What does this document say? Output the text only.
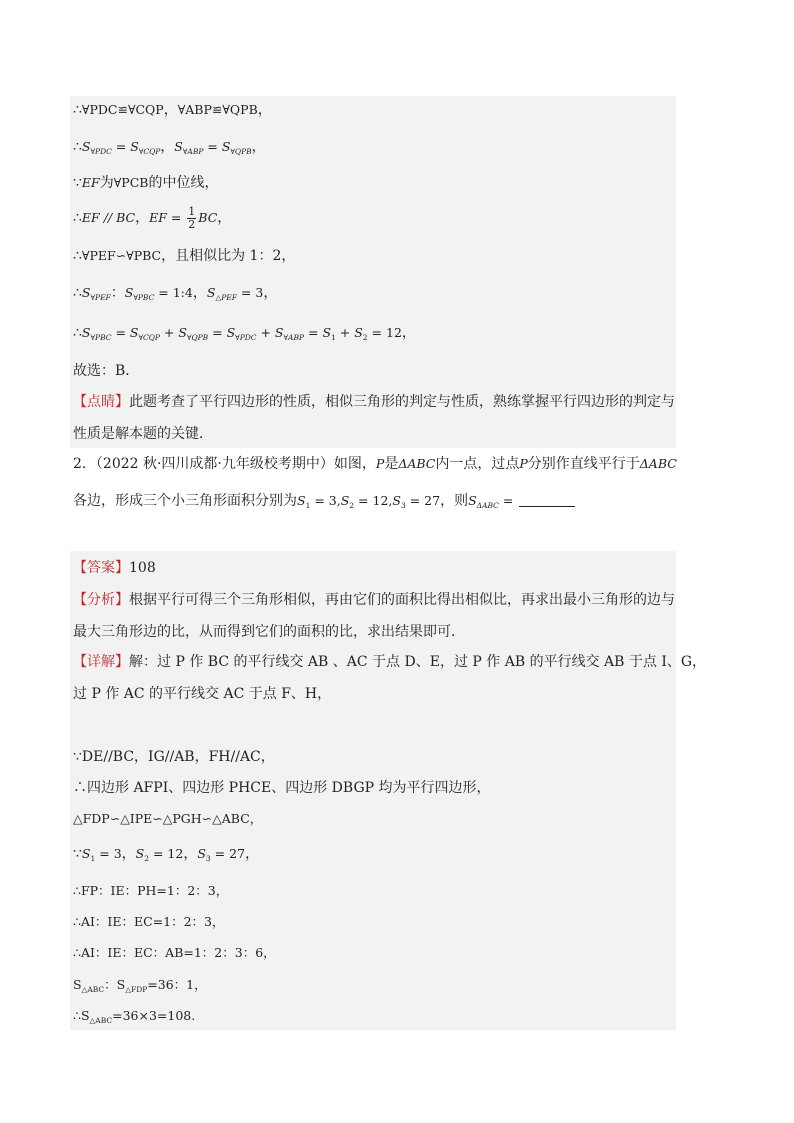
∴∀PDC≌∀CQP，∀ABP≌∀QPB，
$\therefore S_{\forall PDC} = S_{\forall CQP}$，$S_{\forall ABP} = S_{\forall QPB}$，
∵EF为∀PCB的中位线，
∴EF // BC，EF = $\frac{1}{2}$ BC，
∴∀PEF∽∀PBC，且相似比为 1：2，
$\therefore S_{\forall PEF}$：$S_{\forall PBC}$ = 1:4，$S_{\triangle PEF} = 3$，
$\therefore S_{\forall PBC} = S_{\forall CQP} + S_{\forall QPB} = S_{\forall PDC} + S_{\forall ABP} = S_1 + S_2 = 12$，
故选：B．
【点睛】此题考查了平行四边形的性质，相似三角形的判定与性质，熟练掌握平行四边形的判定与
性质是解本题的关键．
2．（2022 秋·四川成都·九年级校考期中）如图，P是ΔABC内一点，过点P分别作直线平行于ΔABC
各边，形成三个小三角形面积分别为$S_1 = 3,S_2 = 12,S_3 = 27$，则$S_{\Delta ABC}$ =
【答案】108
【分析】根据平行可得三个三角形相似，再由它们的面积比得出相似比，再求出最小三角形的边与
最大三角形边的比，从而得到它们的面积的比，求出结果即可．
【详解】解：过 P 作 BC 的平行线交 AB 、AC 于点 D、E，过 P 作 AB 的平行线交 AB 于点 I、G，
过 P 作 AC 的平行线交 AC 于点 F、H，
∵DE//BC，IG//AB，FH//AC，
∴四边形 AFPI、四边形 PHCE、四边形 DBGP 均为平行四边形，
△FDP∽△IPE∽△PGH∽△ABC，
$\because S_1 = 3$，$S_2 = 12$，$S_3 = 27$，
∴FP：IE：PH=1：2：3，
∴AI：IE：EC=1：2：3，
∴AI：IE：EC：AB=1：2：3：6，
$S_{\triangle ABC}$：$S_{\triangle FDP}=36$：1，
$\therefore S_{\triangle ABC}=36\times 3=108$.
